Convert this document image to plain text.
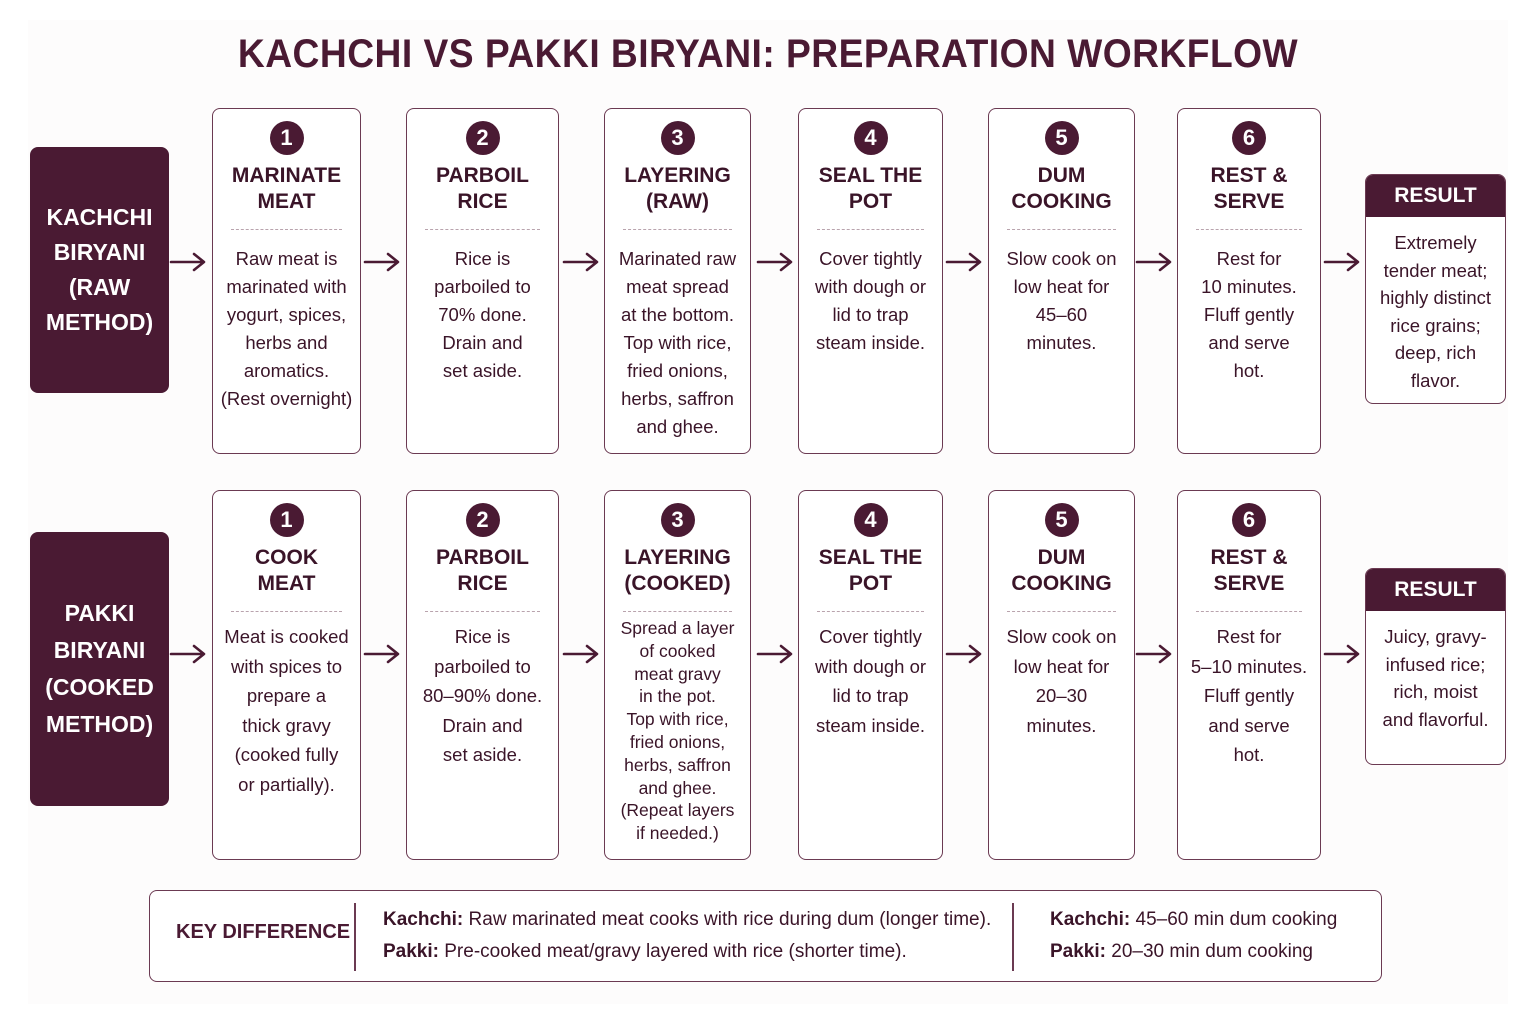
KACHCHI VS PAKKI BIRYANI: PREPARATION WORKFLOW
KACHCHI
BIRYANI
(RAW
METHOD)
1
MARINATE
MEAT
Raw meat is
marinated with
yogurt, spices,
herbs and
aromatics.
(Rest overnight)
2
PARBOIL
RICE
Rice is
parboiled to
70% done.
Drain and
set aside.
3
LAYERING
(RAW)
Marinated raw
meat spread
at the bottom.
Top with rice,
fried onions,
herbs, saffron
and ghee.
4
SEAL THE
POT
Cover tightly
with dough or
lid to trap
steam inside.
5
DUM
COOKING
Slow cook on
low heat for
45–60
minutes.
6
REST &
SERVE
Rest for
10 minutes.
Fluff gently
and serve
hot.
RESULT
Extremely
tender meat;
highly distinct
rice grains;
deep, rich
flavor.
PAKKI
BIRYANI
(COOKED
METHOD)
1
COOK
MEAT
Meat is cooked
with spices to
prepare a
thick gravy
(cooked fully
or partially).
2
PARBOIL
RICE
Rice is
parboiled to
80–90% done.
Drain and
set aside.
3
LAYERING
(COOKED)
Spread a layer
of cooked
meat gravy
in the pot.
Top with rice,
fried onions,
herbs, saffron
and ghee.
(Repeat layers
if needed.)
4
SEAL THE
POT
Cover tightly
with dough or
lid to trap
steam inside.
5
DUM
COOKING
Slow cook on
low heat for
20–30
minutes.
6
REST &
SERVE
Rest for
5–10 minutes.
Fluff gently
and serve
hot.
RESULT
Juicy, gravy-
infused rice;
rich, moist
and flavorful.
KEY DIFFERENCE
Kachchi: Raw marinated meat cooks with rice during dum (longer time).
Pakki: Pre-cooked meat/gravy layered with rice (shorter time).
Kachchi: 45–60 min dum cooking
Pakki: 20–30 min dum cooking
